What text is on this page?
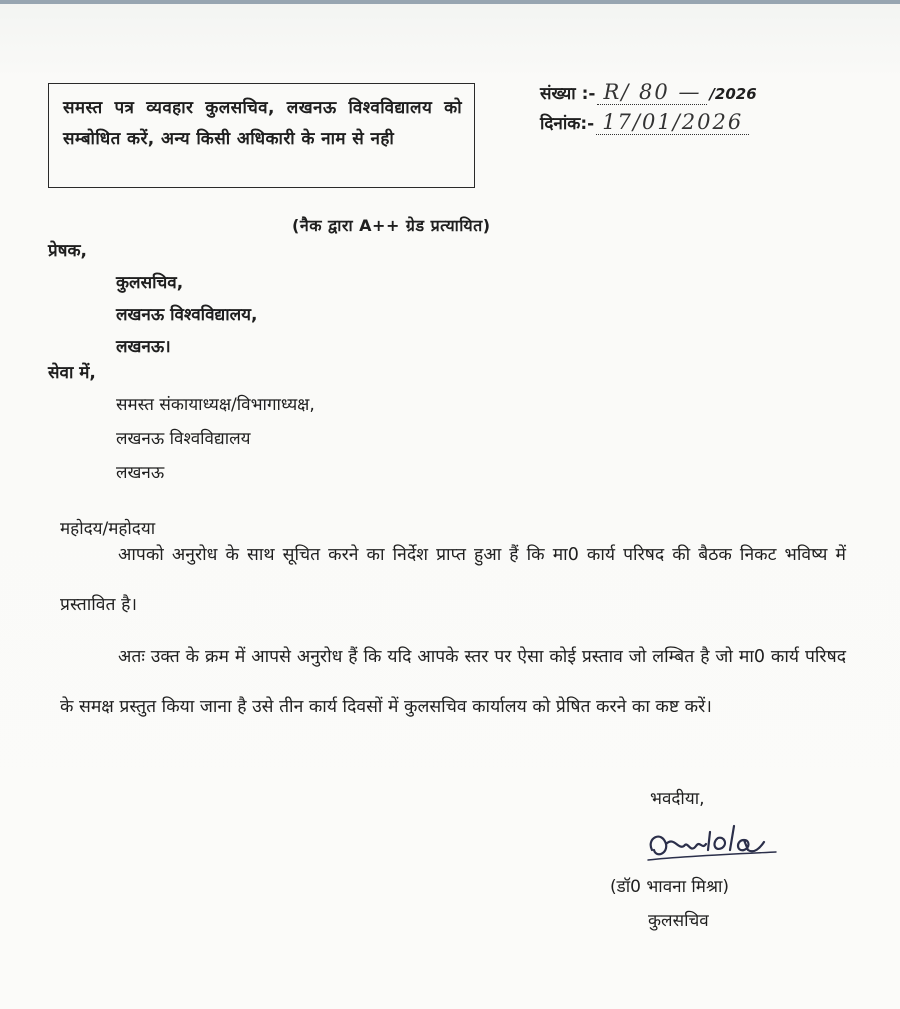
समस्त पत्र व्यवहार कुलसचिव, लखनऊ विश्वविद्यालय को सम्बोधित करें, अन्य किसी अधिकारी के नाम से नही
संख्या :- R/ 80 — /2026
दिनांक:- 17/01/2026
(नैक द्वारा A++ ग्रेड प्रत्यायित)
प्रेषक,
कुलसचिव,
लखनऊ विश्वविद्यालय,
लखनऊ।
सेवा में,
समस्त संकायाध्यक्ष/विभागाध्यक्ष,
लखनऊ विश्वविद्यालय
लखनऊ
महोदय/महोदया
आपको अनुरोध के साथ सूचित करने का निर्देश प्राप्त हुआ हैं कि मा0 कार्य परिषद की बैठक निकट भविष्य में प्रस्तावित है।
अतः उक्त के क्रम में आपसे अनुरोध हैं कि यदि आपके स्तर पर ऐसा कोई प्रस्ताव जो लम्बित है जो मा0 कार्य परिषद के समक्ष प्रस्तुत किया जाना है उसे तीन कार्य दिवसों में कुलसचिव कार्यालय को प्रेषित करने का कष्ट करें।
भवदीया,
(डॉ0 भावना मिश्रा)
कुलसचिव
